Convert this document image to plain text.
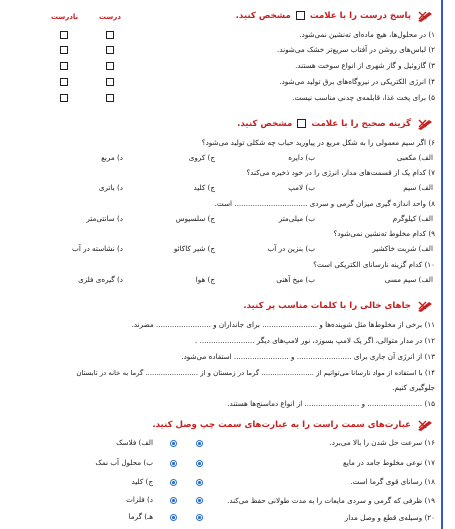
پاسخ درست را با علامت  مشخص کنید.
درست
نادرست
۱) در محلول‌ها، هیچ ماده‌ای ته‌نشین نمی‌شود.
۲) لباس‌های روشن در آفتاب سریع‌تر خشک می‌شوند.
۳) گازوئیل و گاز شهری از انواع سوخت هستند.
۴) انرژی الکتریکی در نیروگاه‌های برق تولید می‌شود.
۵) برای پخت غذا، قابلمه‌ی چدنی مناسب نیست.
گزینه صحیح را با علامت  مشخص کنید.
۶) اگر سیم معمولی را به شکل مربع در پیاورید حباب چه شکلی تولید می‌شود؟
الف) مکعبی
ب) دایره
ج) کروی
د) مربع
۷) کدام یک از قسمت‌های مدار، انرژی را در خود ذخیره می‌کند؟
الف) سیم
ب) لامپ
ج) کلید
د) باتری
۸) واحد اندازه گیری میزان گرمی و سردی ................................ است.
الف) کیلوگرم
ب) میلی‌متر
ج) سلسیوس
د) سانتی‌متر
۹) کدام مخلوط ته‌نشین نمی‌شود؟
الف) شربت خاکشیر
ب) بنزین در آب
ج) شیر کاکائو
د) نشاسته در آب
۱۰) کدام گزینه نارسانای الکتریکی است؟
الف) سیم مسی
ب) میخ آهنی
ج) هوا
د) گیره‌ی فلزی
جاهای خالی را با کلمات مناسب پر کنید.
۱۱) برخی از مخلوط‌ها مثل شوینده‌ها و ........................ برای جانداران و ........................ مضرند.
۱۲) در مدار متوالی، اگر یک لامپ بسوزد، نور لامپ‌های دیگر ........................ .
۱۳) از انرژی آن جاری برای ........................ و ........................ استفاده می‌شود.
۱۴) با استفاده از مواد نارسانا می‌توانیم از ........................ گرما در زمستان و از ........................ گرما به خانه در تابستان
جلوگیری کنیم.
۱۵) ........................ و ........................ از انواع دماسنج‌ها هستند.
عبارت‌های سمت راست را به عبارت‌های سمت چپ وصل کنید.
۱۶) سرعت حل شدن را بالا می‌برد.
۱۷) نوعی مخلوط جامد در مایع
۱۸) رسانای قوی گرما است.
۱۹) ظرفی که گرمی و سردی مایعات را به مدت طولانی حفظ می‌کند.
۲۰) وسیله‌ی قطع و وصل مدار
الف) فلاسک
ب) محلول آب نمک
ج) کلید
د) فلزات
هـ) گرما
